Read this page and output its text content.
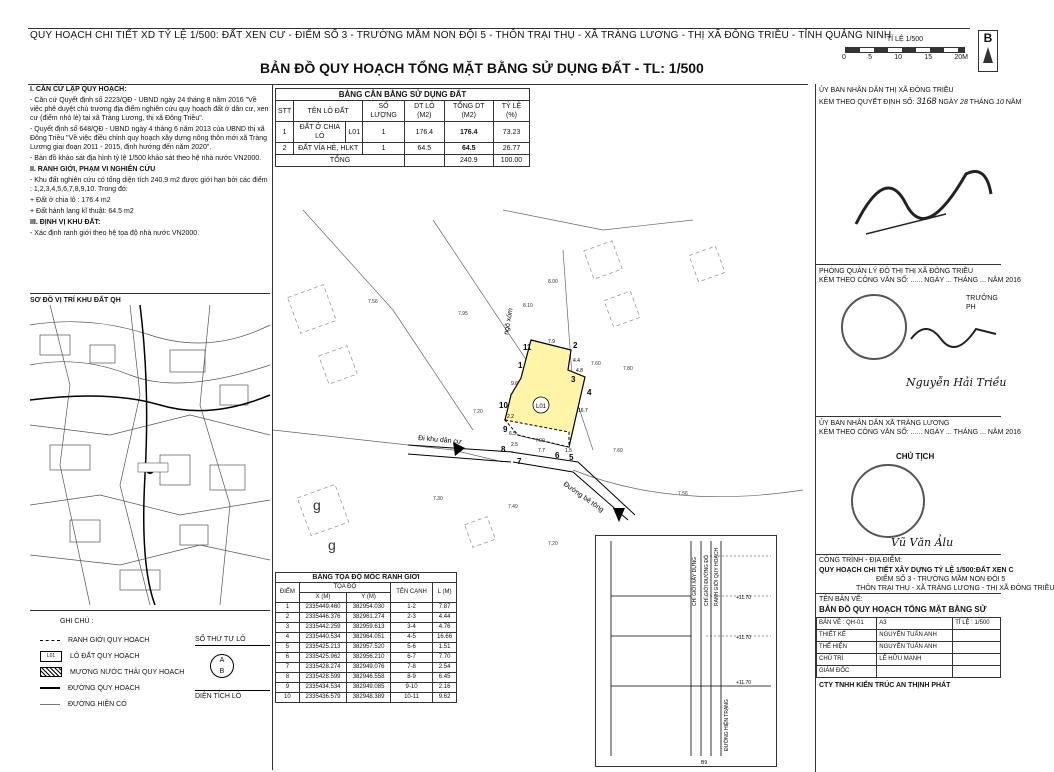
QUY HOẠCH CHI TIẾT XD TỶ LỆ 1/500: ĐẤT XEN CƯ - ĐIỂM SỐ 3 - TRƯỜNG MẦM NON ĐỘI 5 - THÔN TRẠI THỤ - XÃ TRÀNG LƯƠNG - THỊ XÃ ĐÔNG TRIỀU - TỈNH QUẢNG NINH
BẢN ĐỒ QUY HOẠCH TỔNG MẶT BẰNG SỬ DỤNG ĐẤT - TL: 1/500
TỈ LỆ 1/500
0	5	10	15	20M
B

I. CĂN CỨ LẬP QUY HOẠCH:

- Căn cứ Quyết định số 2223/QĐ - UBND ngày 24 tháng 8 năm 2016 "Về việc phê duyệt chủ trương địa điểm nghiên cứu quy hoạch đất ở dân cư, xen cư (điểm nhỏ lẻ) tại xã Tràng Lương, thị xã Đông Triều".

- Quyết định số 648/QĐ - UBND ngày 4 tháng 6 năm 2013 của UBND thị xã Đông Triều "Về việc điều chỉnh quy hoạch xây dựng nông thôn mới xã Tràng Lương giai đoạn 2011 - 2015, định hướng đến năm 2020".

- Bản đồ khảo sát địa hình tỷ lệ 1/500 khảo sát theo hệ nhà nước VN2000.

II. RANH GIỚI, PHẠM VI NGHIÊN CỨU

- Khu đất nghiên cứu có tổng diện tích 240.9 m2 được giới hạn bởi các điểm : 1,2,3,4,5,6,7,8,9,10. Trong đó:

+ Đất ở chia lô : 176.4 m2

+ Đất hành lang kĩ thuật: 64.5 m2

III. ĐỊNH VỊ KHU ĐẤT:

- Xác định ranh giới theo hệ tọa độ nhà nước VN2000.

SƠ ĐỒ VỊ TRÍ KHU ĐẤT QH
GHI CHÚ :
RANH GIỚI QUY HOẠCH
L01	LÔ ĐẤT QUY HOẠCH
MƯƠNG NƯỚC THẢI QUY HOẠCH
ĐƯỜNG QUY HOẠCH
ĐƯỜNG HIỆN CÓ
SỐ THỨ TỰ LÔ
A
B
DIỆN TÍCH LÔ
BẢNG CÂN BẰNG SỬ DỤNG ĐẤT						
STT	TÊN LÔ ĐẤT		SỐ LƯỢNG	DT LÔ (M2)	TỔNG DT (M2)	TỶ LỆ (%)
1	ĐẤT Ở CHIA LÔ	L01	1	176.4	176.4	73.23
2	ĐẤT VỈA HÈ, HLKT		1	64.5	64.5	26.77
TỔNG					240.9	100.00
L01
Đi khu dân cư
Đường bê tông
ngõ xóm
g
g
7.56
7.95
8.00
8.10
7.60
7.80
7.20
7.00
7.30
7.49
7.56
7.60
7.20
1
2
3
4
5
6
7
8
9
10
11
7.9
4.4
4.8
16.7
1.5
7.7
2.5
6.5
2.2
9.6
BẢNG TỌA ĐỘ MỐC RANH GIỚI				
ĐIỂM	TỌA ĐỘ		TÊN CẠNH	L (M)
	X (M)	Y (M)		
1	2335449.460	382954.030	1-2	7.87
2	2335446.376	382961.274	2-3	4.44
3	2335442.259	382959.613	3-4	4.76
4	2335440.534	382964.051	4-5	16.66
5	2335425.213	382957.520	5-6	1.51
6	2335425.962	382956.210	6-7	7.70
7	2335428.274	382949.076	7-8	2.54
8	2335428.599	382946.558	8-9	6.45
9	2335434.534	382949.085	9-10	2.16
10	2335436.579	382948.389	10-11	9.62
CHỈ GIỚI XÂY DỰNG CHỈ GIỚI ĐƯỜNG ĐỎ RANH GIỚI QUY HOẠCH
ĐƯỜNG HIỆN TRẠNG
+11.70
+11.70
+11.70
B9
ỦY BAN NHÂN DÂN THỊ XÃ ĐÔNG TRIỀU
KÈM THEO QUYẾT ĐỊNH SỐ: 3168 NGÀY 28 THÁNG 10 NĂM
PHÒNG QUẢN LÝ ĐÔ THỊ THỊ XÃ ĐÔNG TRIỀU
KÈM THEO CÔNG VĂN SỐ: ...... NGÀY ... THÁNG ... NĂM 2016
TRƯỞNG PH
Nguyễn Hải Triều
ỦY BAN NHÂN DÂN XÃ TRÀNG LƯƠNG
KÈM THEO CÔNG VĂN SỐ: ...... NGÀY ... THÁNG ... NĂM 2016
CHỦ TỊCH
Vũ Văn Ảlu
CÔNG TRÌNH - ĐỊA ĐIỂM:
QUY HOẠCH CHI TIẾT XÂY DỰNG TỶ LỆ 1/500:ĐẤT XEN C
ĐIỂM SỐ 3 - TRƯỜNG MẦM NON ĐỘI 5
THÔN TRẠI THỤ - XÃ TRÀNG LƯƠNG - THỊ XÃ ĐÔNG TRIỀU
TÊN BẢN VẼ:
BẢN ĐỒ QUY HOẠCH TỔNG MẶT BẰNG SỬ
BẢN VẼ : QH-01	A3	TỈ LỆ : 1/500
THIẾT KẾ	NGUYỄN TUẤN ANH	
THỂ HIỆN	NGUYỄN TUẤN ANH	
CHỦ TRÌ	LÊ HỮU MẠNH	
GIÁM ĐỐC		
CTY TNHH KIẾN TRÚC AN THỊNH PHÁT
